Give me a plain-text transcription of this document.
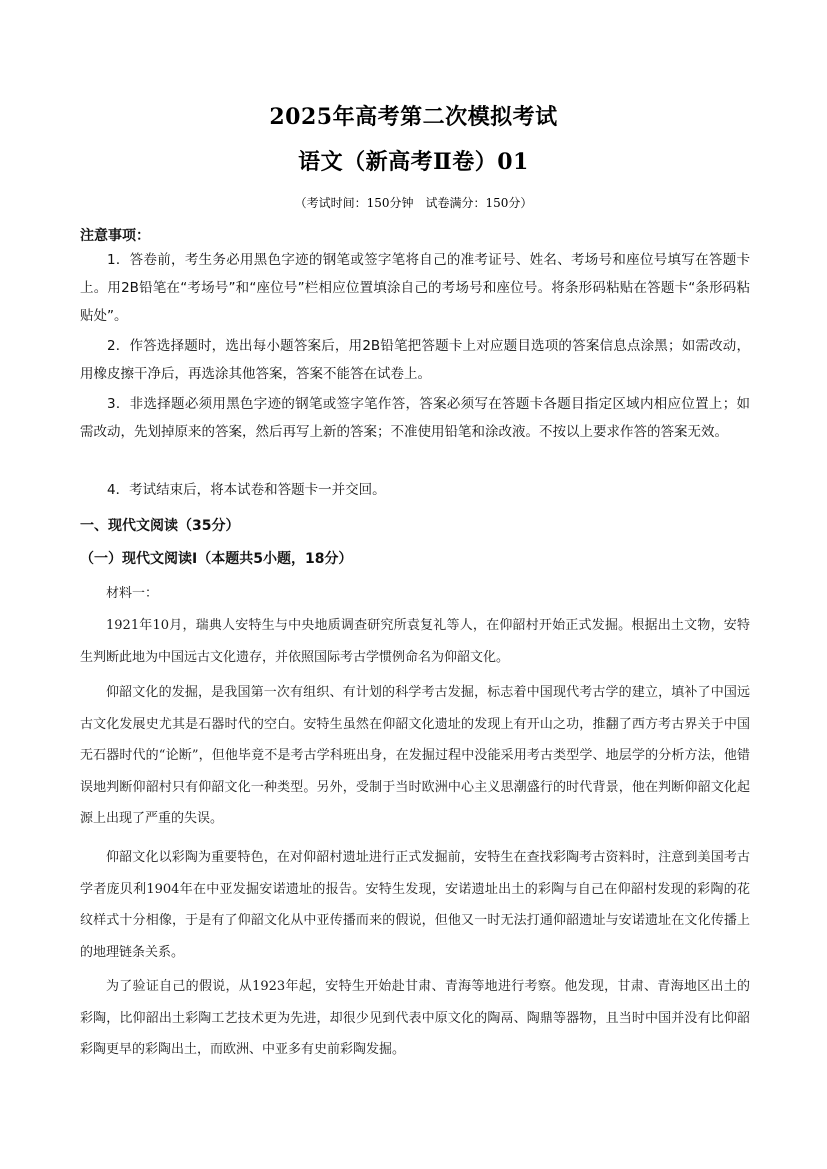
2025年高考第二次模拟考试
语文（新高考Ⅱ卷）01
（考试时间：150分钟　试卷满分：150分）
注意事项：

1．答卷前，考生务必用黑色字迹的钢笔或签字笔将自己的准考证号、姓名、考场号和座位号填写在答题卡上。用2B铅笔在“考场号”和“座位号”栏相应位置填涂自己的考场号和座位号。将条形码粘贴在答题卡“条形码粘贴处”。

2．作答选择题时，选出每小题答案后，用2B铅笔把答题卡上对应题目选项的答案信息点涂黑；如需改动，用橡皮擦干净后，再选涂其他答案，答案不能答在试卷上。

3．非选择题必须用黑色字迹的钢笔或签字笔作答，答案必须写在答题卡各题目指定区域内相应位置上；如需改动，先划掉原来的答案，然后再写上新的答案；不准使用铅笔和涂改液。不按以上要求作答的答案无效。

4．考试结束后，将本试卷和答题卡一并交回。

一、现代文阅读（35分）
（一）现代文阅读Ⅰ（本题共5小题，18分）

材料一：

1921年10月，瑞典人安特生与中央地质调查研究所袁复礼等人，在仰韶村开始正式发掘。根据出土文物，安特生判断此地为中国远古文化遗存，并依照国际考古学惯例命名为仰韶文化。

仰韶文化的发掘，是我国第一次有组织、有计划的科学考古发掘，标志着中国现代考古学的建立，填补了中国远古文化发展史尤其是石器时代的空白。安特生虽然在仰韶文化遗址的发现上有开山之功，推翻了西方考古界关于中国无石器时代的“论断”，但他毕竟不是考古学科班出身，在发掘过程中没能采用考古类型学、地层学的分析方法，他错误地判断仰韶村只有仰韶文化一种类型。另外，受制于当时欧洲中心主义思潮盛行的时代背景，他在判断仰韶文化起源上出现了严重的失误。

仰韶文化以彩陶为重要特色，在对仰韶村遗址进行正式发掘前，安特生在查找彩陶考古资料时，注意到美国考古学者庞贝利1904年在中亚发掘安诺遗址的报告。安特生发现，安诺遗址出土的彩陶与自己在仰韶村发现的彩陶的花纹样式十分相像，于是有了仰韶文化从中亚传播而来的假说，但他又一时无法打通仰韶遗址与安诺遗址在文化传播上的地理链条关系。

为了验证自己的假说，从1923年起，安特生开始赴甘肃、青海等地进行考察。他发现，甘肃、青海地区出土的彩陶，比仰韶出土彩陶工艺技术更为先进，却很少见到代表中原文化的陶鬲、陶鼎等器物，且当时中国并没有比仰韶彩陶更早的彩陶出土，而欧洲、中亚多有史前彩陶发掘。
